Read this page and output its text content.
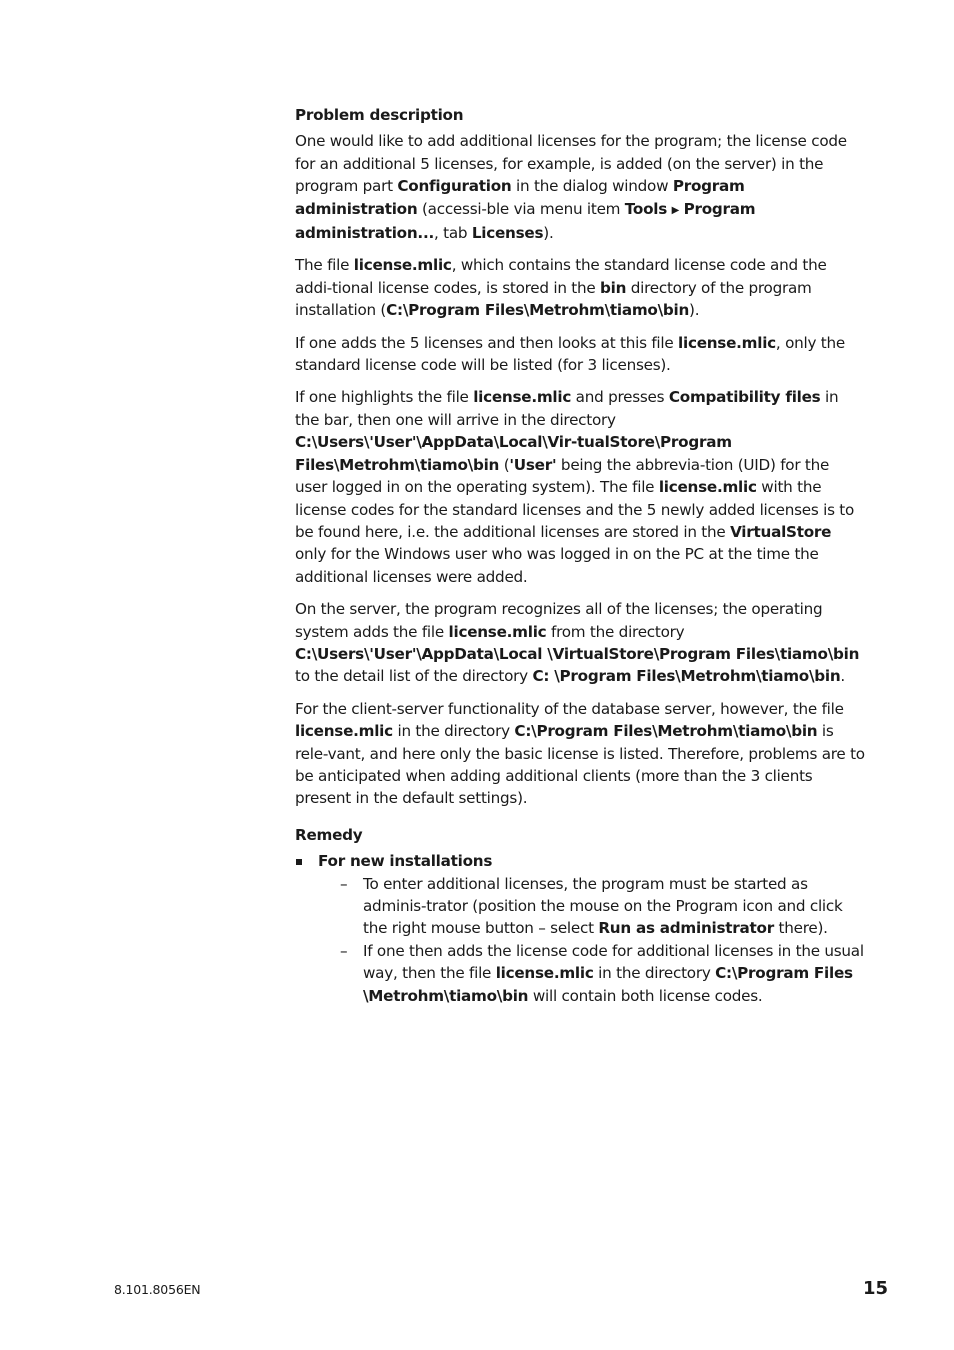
Problem description

One would like to add additional licenses for the program; the license code for an additional 5 licenses, for example, is added (on the server) in the program part Configuration in the dialog window Program administration (accessi-ble via menu item Tools ▶ Program administration..., tab Licenses).

The file license.mlic, which contains the standard license code and the addi-tional license codes, is stored in the bin directory of the program installation (C:\Program Files\Metrohm\tiamo\bin).

If one adds the 5 licenses and then looks at this file license.mlic, only the standard license code will be listed (for 3 licenses).

If one highlights the file license.mlic and presses Compatibility files in the bar, then one will arrive in the directory C:\Users\'User'\AppData\Local\Vir-tualStore\Program Files\Metrohm\tiamo\bin ('User' being the abbrevia-tion (UID) for the user logged in on the operating system). The file license.mlic with the license codes for the standard licenses and the 5 newly added licenses is to be found here, i.e. the additional licenses are stored in the VirtualStore only for the Windows user who was logged in on the PC at the time the additional licenses were added.

On the server, the program recognizes all of the licenses; the operating system adds the file license.mlic from the directory C:\Users\'User'\AppData\Local \VirtualStore\Program Files\tiamo\bin to the detail list of the directory C: \Program Files\Metrohm\tiamo\bin.

For the client-server functionality of the database server, however, the file license.mlic in the directory C:\Program Files\Metrohm\tiamo\bin is rele-vant, and here only the basic license is listed. Therefore, problems are to be anticipated when adding additional clients (more than the 3 clients present in the default settings).

Remedy
For new installations
– To enter additional licenses, the program must be started as adminis-trator (position the mouse on the Program icon and click the right mouse button – select Run as administrator there).
– If one then adds the license code for additional licenses in the usual way, then the file license.mlic in the directory C:\Program Files \Metrohm\tiamo\bin will contain both license codes.
8.101.8056EN	15
